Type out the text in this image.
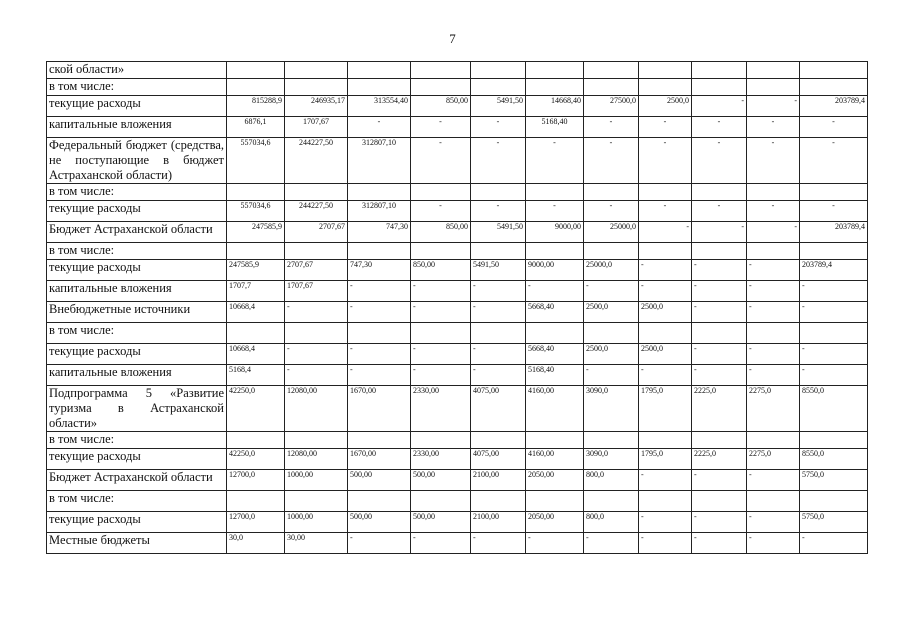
7
ской области»											
в том числе:											
текущие расходы	815288,9	246935,17	313554,40	850,00	5491,50	14668,40	27500,0	2500,0	-	-	203789,4
капитальные вложения	6876,1	1707,67	-	-	-	5168,40	-	-	-	-	-
Федеральный бюджет (средства, не поступающие в бюджет Астраханской области)	557034,6	244227,50	312807,10	-	-	-	-	-	-	-	-
в том числе:											
текущие расходы	557034,6	244227,50	312807,10	-	-	-	-	-	-	-	-
Бюджет Астраханской области	247585,9	2707,67	747,30	850,00	5491,50	9000,00	25000,0	-	-	-	203789,4
в том числе:											
текущие расходы	247585,9	2707,67	747,30	850,00	5491,50	9000,00	25000,0	-	-	-	203789,4
капитальные вложения	1707,7	1707,67	-	-	-	-	-	-	-	-	-
Внебюджетные источники	10668,4	-	-	-	-	5668,40	2500,0	2500,0	-	-	-
в том числе:											
текущие расходы	10668,4	-	-	-	-	5668,40	2500,0	2500,0	-	-	-
капитальные вложения	5168,4	-	-	-	-	5168,40	-	-	-	-	-
Подпрограмма 5 «Развитие туризма в Астраханской области»	42250,0	12080,00	1670,00	2330,00	4075,00	4160,00	3090,0	1795,0	2225,0	2275,0	8550,0
в том числе:											
текущие расходы	42250,0	12080,00	1670,00	2330,00	4075,00	4160,00	3090,0	1795,0	2225,0	2275,0	8550,0
Бюджет Астраханской области	12700,0	1000,00	500,00	500,00	2100,00	2050,00	800,0	-	-	-	5750,0
в том числе:											
текущие расходы	12700,0	1000,00	500,00	500,00	2100,00	2050,00	800,0	-	-	-	5750,0
Местные бюджеты	30,0	30,00	-	-	-	-	-	-	-	-	-
